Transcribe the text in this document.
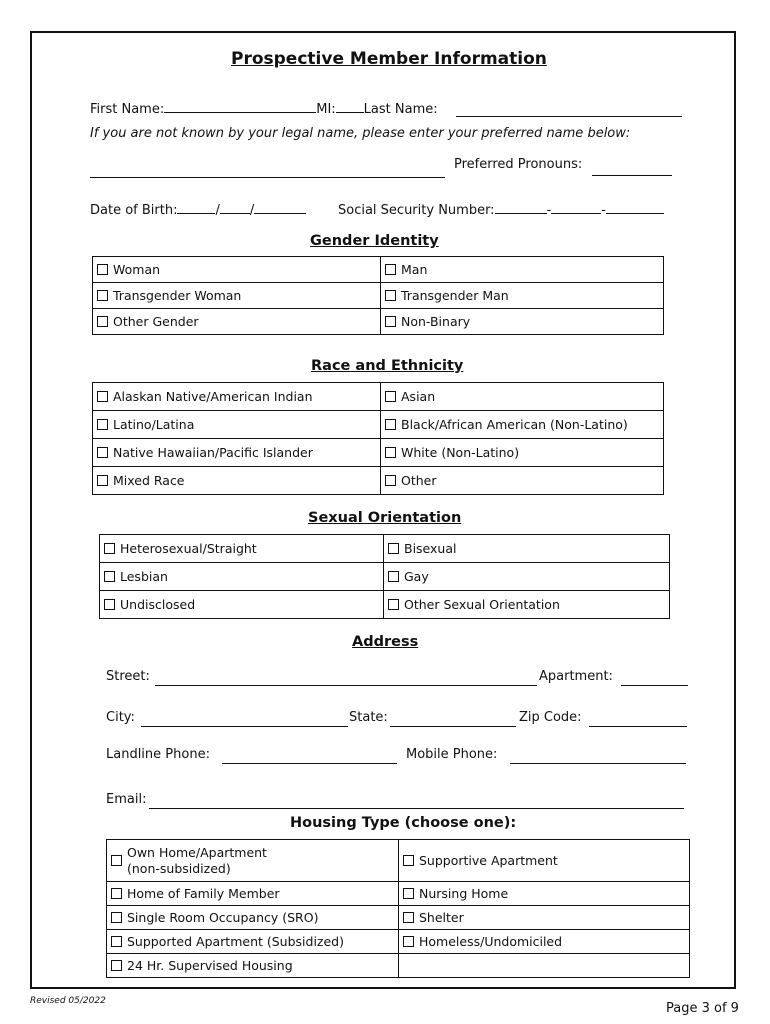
Prospective Member Information
First Name:	MI: Last Name:
If you are not known by your legal name, please enter your preferred name below:
Preferred Pronouns:
Date of Birth:	/ /	Social Security Number:	-	-
Gender Identity
Woman	Man
Transgender Woman	Transgender Man
Other Gender	Non-Binary
Race and Ethnicity
Alaskan Native/American Indian	Asian
Latino/Latina	Black/African American (Non-Latino)
Native Hawaiian/Pacific Islander	White (Non-Latino)
Mixed Race	Other
Sexual Orientation
Heterosexual/Straight	Bisexual
Lesbian	Gay
Undisclosed	Other Sexual Orientation
Address
Street:	Apartment:
City:	State:	Zip Code:
Landline Phone:	Mobile Phone:
Email:
Housing Type (choose one):
Own Home/Apartment
(non-subsidized)	Supportive Apartment
Home of Family Member	Nursing Home
Single Room Occupancy (SRO)	Shelter
Supported Apartment (Subsidized)	Homeless/Undomiciled
24 Hr. Supervised Housing	
Revised 05/2022	Page 3 of 9
